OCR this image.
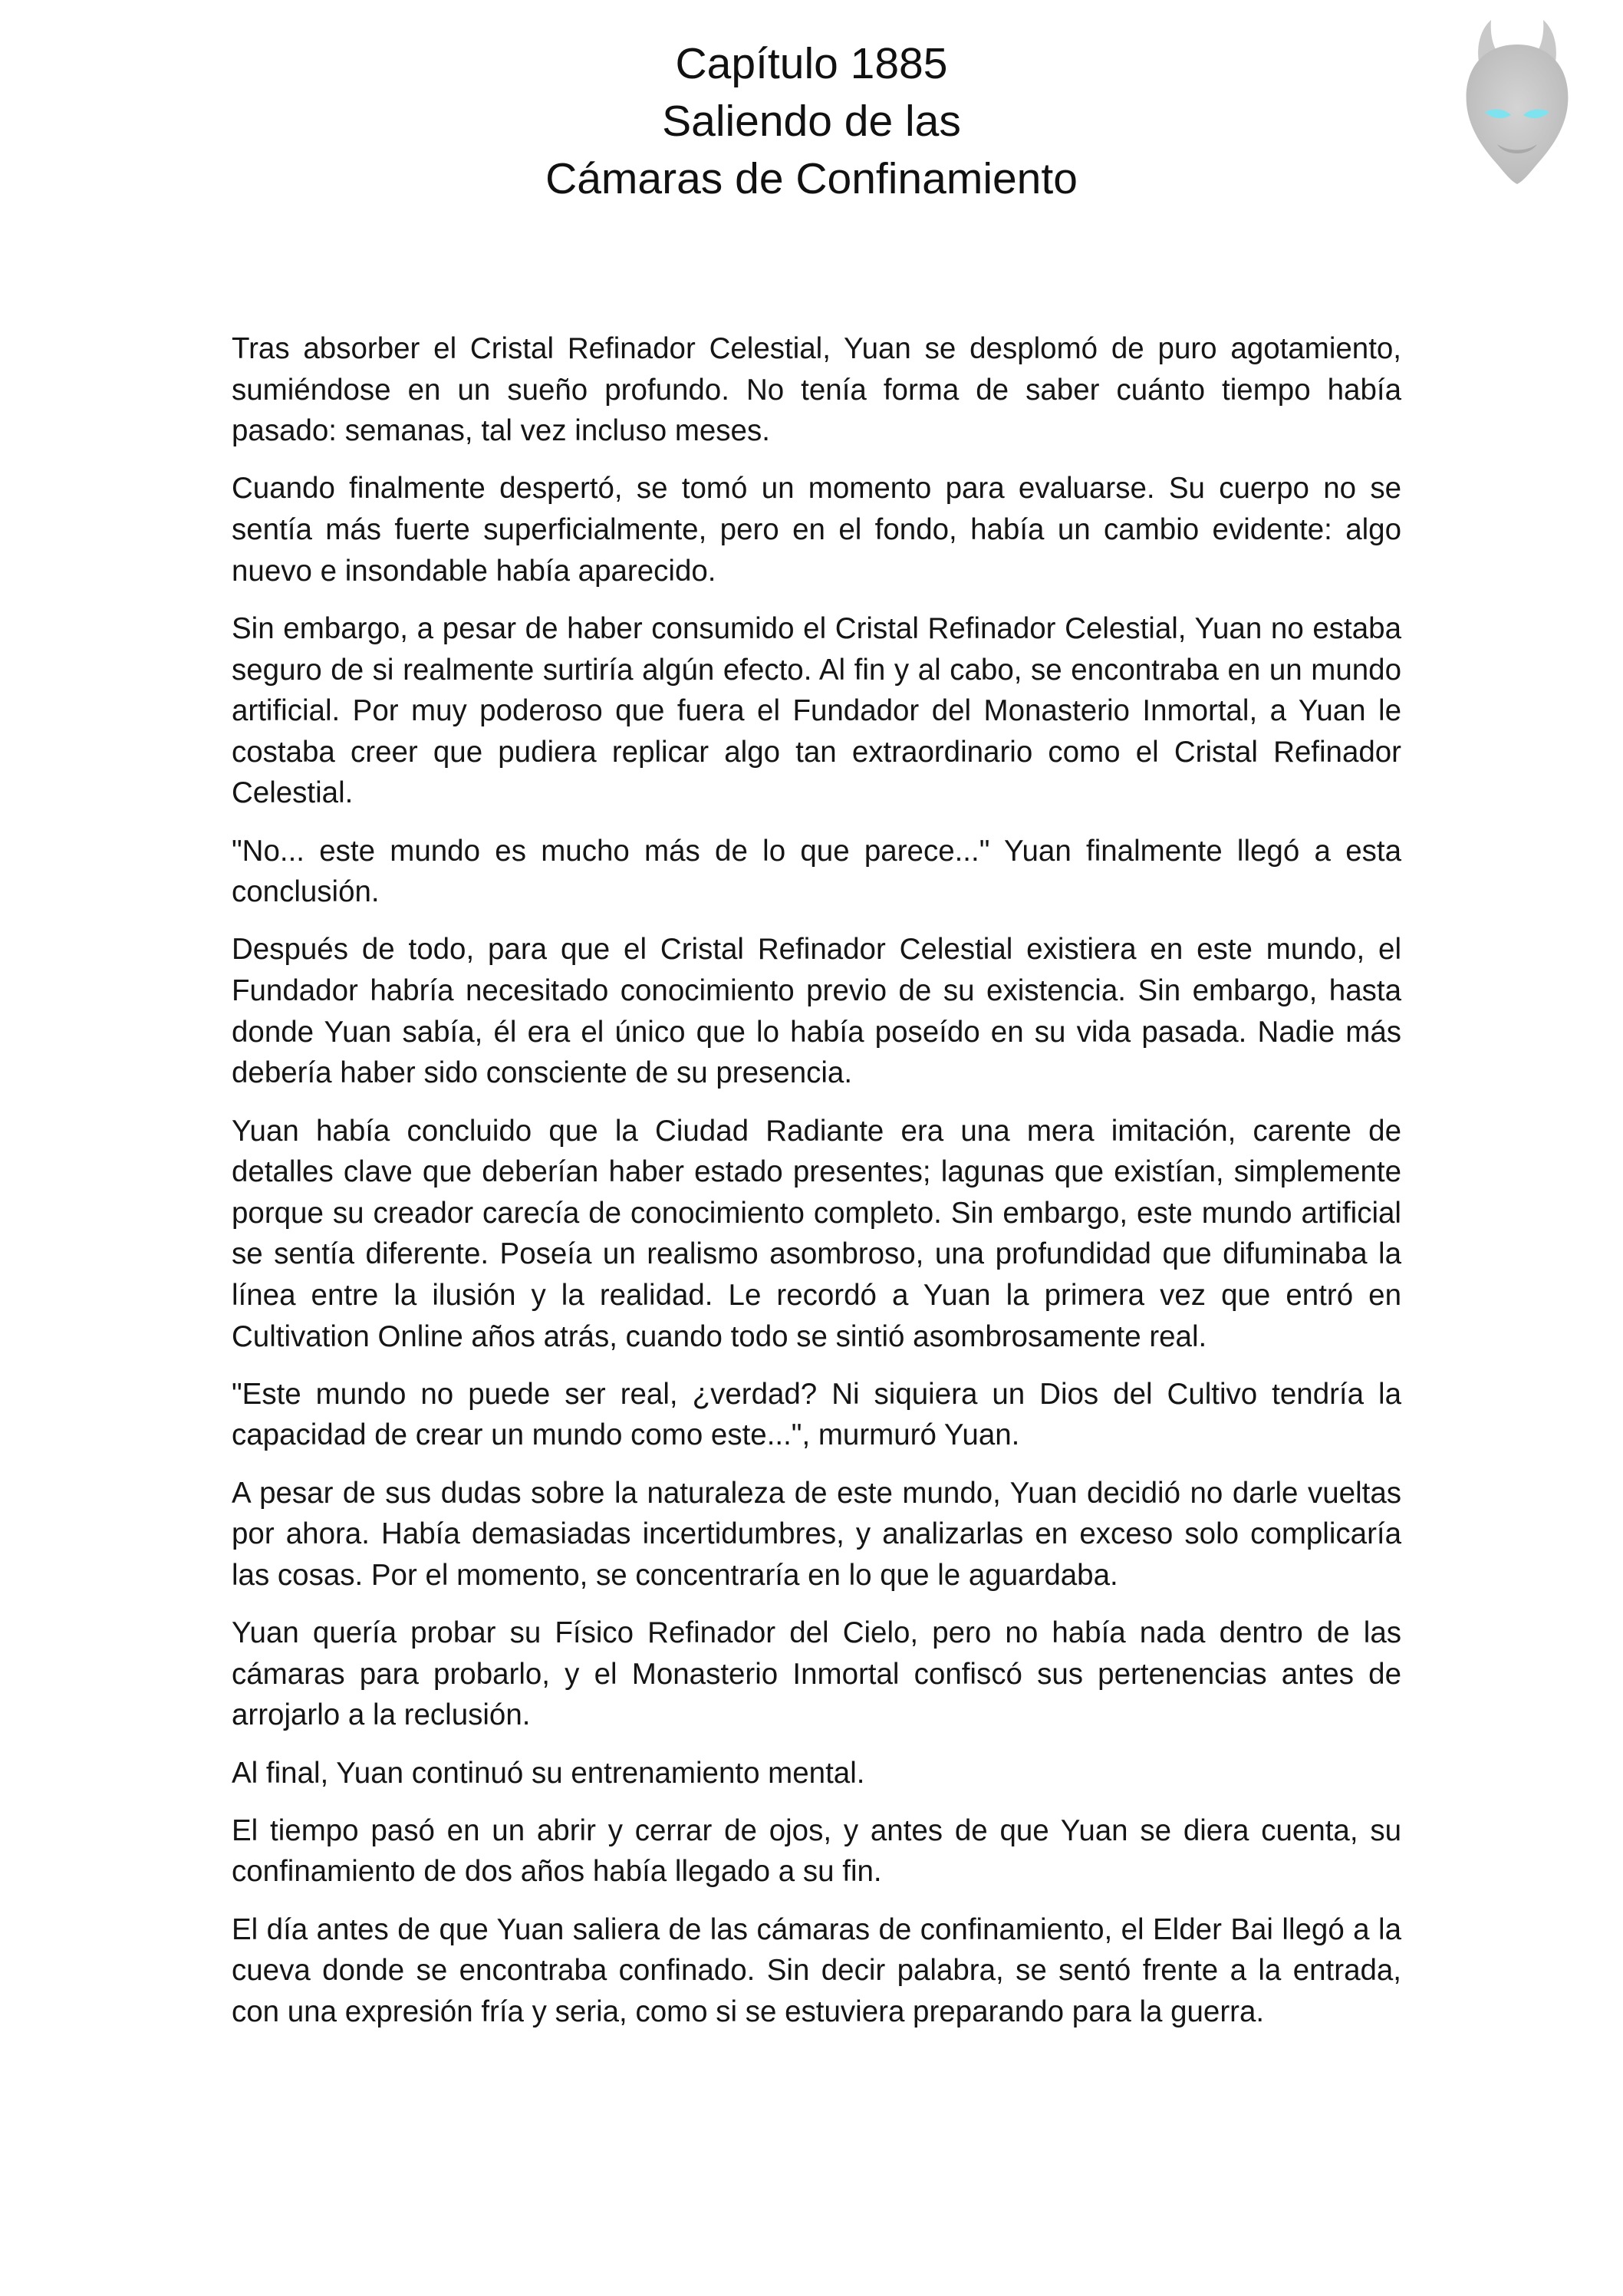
Capítulo 1885
Saliendo de las
Cámaras de Confinamiento

Tras absorber el Cristal Refinador Celestial, Yuan se desplomó de puro agotamiento, sumiéndose en un sueño profundo. No tenía forma de saber cuánto tiempo había pasado: semanas, tal vez incluso meses.

Cuando finalmente despertó, se tomó un momento para evaluarse. Su cuerpo no se sentía más fuerte superficialmente, pero en el fondo, había un cambio evidente: algo nuevo e insondable había aparecido.

Sin embargo, a pesar de haber consumido el Cristal Refinador Celestial, Yuan no estaba seguro de si realmente surtiría algún efecto. Al fin y al cabo, se encontraba en un mundo artificial. Por muy poderoso que fuera el Fundador del Monasterio Inmortal, a Yuan le costaba creer que pudiera replicar algo tan extraordinario como el Cristal Refinador Celestial.

"No... este mundo es mucho más de lo que parece..." Yuan finalmente llegó a esta conclusión.

Después de todo, para que el Cristal Refinador Celestial existiera en este mundo, el Fundador habría necesitado conocimiento previo de su existencia. Sin embargo, hasta donde Yuan sabía, él era el único que lo había poseído en su vida pasada. Nadie más debería haber sido consciente de su presencia.

Yuan había concluido que la Ciudad Radiante era una mera imitación, carente de detalles clave que deberían haber estado presentes; lagunas que existían, simplemente porque su creador carecía de conocimiento completo. Sin embargo, este mundo artificial se sentía diferente. Poseía un realismo asombroso, una profundidad que difuminaba la línea entre la ilusión y la realidad. Le recordó a Yuan la primera vez que entró en Cultivation Online años atrás, cuando todo se sintió asombrosamente real.

"Este mundo no puede ser real, ¿verdad? Ni siquiera un Dios del Cultivo tendría la capacidad de crear un mundo como este...", murmuró Yuan.

A pesar de sus dudas sobre la naturaleza de este mundo, Yuan decidió no darle vueltas por ahora. Había demasiadas incertidumbres, y analizarlas en exceso solo complicaría las cosas. Por el momento, se concentraría en lo que le aguardaba.

Yuan quería probar su Físico Refinador del Cielo, pero no había nada dentro de las cámaras para probarlo, y el Monasterio Inmortal confiscó sus pertenencias antes de arrojarlo a la reclusión.

Al final, Yuan continuó su entrenamiento mental.

El tiempo pasó en un abrir y cerrar de ojos, y antes de que Yuan se diera cuenta, su confinamiento de dos años había llegado a su fin.

El día antes de que Yuan saliera de las cámaras de confinamiento, el Elder Bai llegó a la cueva donde se encontraba confinado. Sin decir palabra, se sentó frente a la entrada, con una expresión fría y seria, como si se estuviera preparando para la guerra.
